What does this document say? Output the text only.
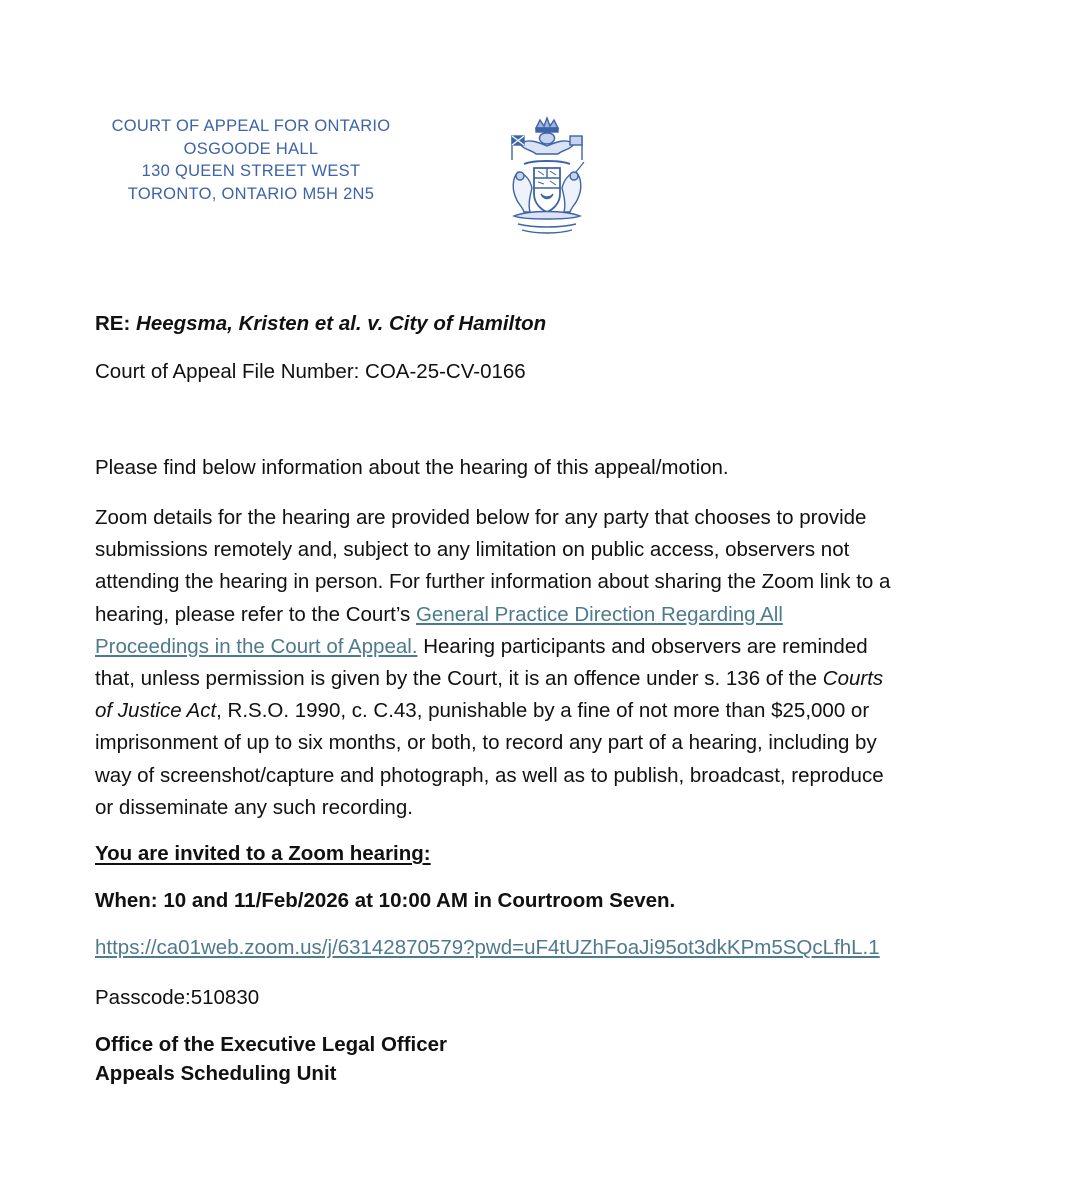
COURT OF APPEAL FOR ONTARIO
OSGOODE HALL
130 QUEEN STREET WEST
TORONTO, ONTARIO M5H 2N5
RE: Heegsma, Kristen et al. v. City of Hamilton
Court of Appeal File Number: COA-25-CV-0166
Please find below information about the hearing of this appeal/motion.
Zoom details for the hearing are provided below for any party that chooses to provide
submissions remotely and, subject to any limitation on public access, observers not
attending the hearing in person. For further information about sharing the Zoom link to a
hearing, please refer to the Court’s General Practice Direction Regarding All
Proceedings in the Court of Appeal. Hearing participants and observers are reminded
that, unless permission is given by the Court, it is an offence under s. 136 of the Courts
of Justice Act, R.S.O. 1990, c. C.43, punishable by a fine of not more than $25,000 or
imprisonment of up to six months, or both, to record any part of a hearing, including by
way of screenshot/capture and photograph, as well as to publish, broadcast, reproduce
or disseminate any such recording.
You are invited to a Zoom hearing:
When: 10 and 11/Feb/2026 at 10:00 AM in Courtroom Seven.
https://ca01web.zoom.us/j/63142870579?pwd=uF4tUZhFoaJi95ot3dkKPm5SQcLfhL.1
Passcode:510830
Office of the Executive Legal Officer
Appeals Scheduling Unit
